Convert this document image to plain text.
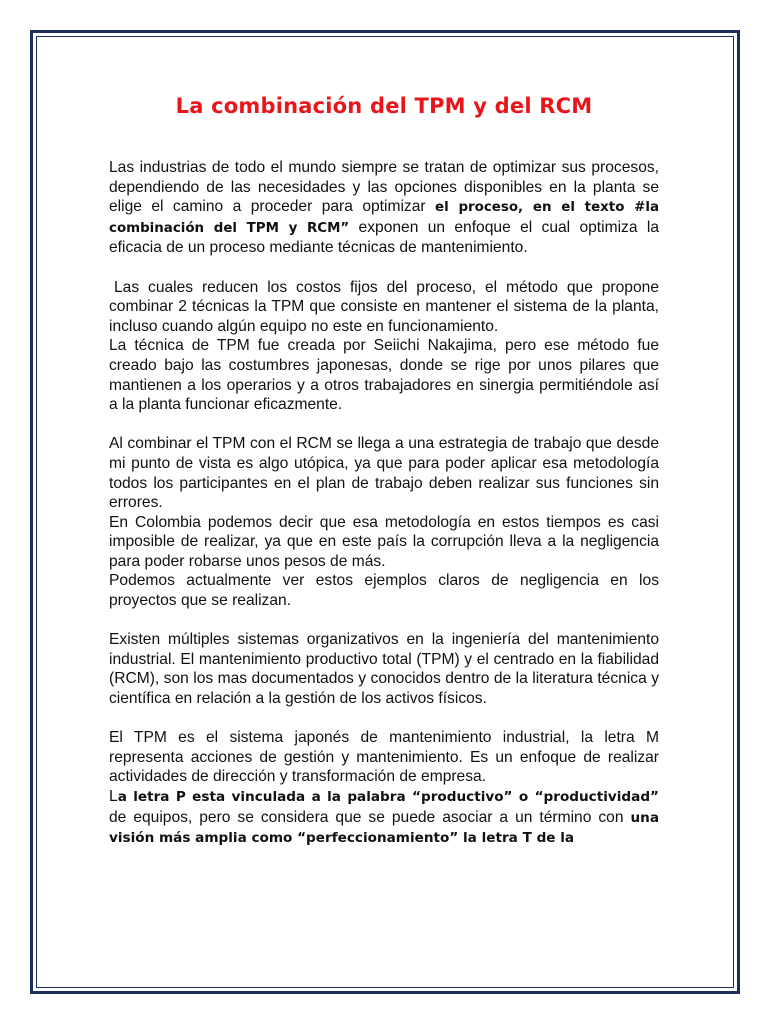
La combinación del TPM y del RCM

Las industrias de todo el mundo siempre se tratan de optimizar sus procesos, dependiendo de las necesidades y las opciones disponibles en la planta se elige el camino a proceder para optimizar el proceso, en el texto #la combinación del TPM y RCM” exponen un enfoque el cual optimiza la eficacia de un proceso mediante técnicas de mantenimiento.

Las cuales reducen los costos fijos del proceso, el método que propone combinar 2 técnicas la TPM que consiste en mantener el sistema de la planta, incluso cuando algún equipo no este en funcionamiento.

La técnica de TPM fue creada por Seiichi Nakajima, pero ese método fue creado bajo las costumbres japonesas, donde se rige por unos pilares que mantienen a los operarios y a otros trabajadores en sinergia permitiéndole así a la planta funcionar eficazmente.

Al combinar el TPM con el RCM se llega a una estrategia de trabajo que desde mi punto de vista es algo utópica, ya que para poder aplicar esa metodología todos los participantes en el plan de trabajo deben realizar sus funciones sin errores.

En Colombia podemos decir que esa metodología en estos tiempos es casi imposible de realizar, ya que en este país la corrupción lleva a la negligencia para poder robarse unos pesos de más.

Podemos actualmente ver estos ejemplos claros de negligencia en los proyectos que se realizan.

Existen múltiples sistemas organizativos en la ingeniería del mantenimiento industrial. El mantenimiento productivo total (TPM) y el centrado en la fiabilidad (RCM), son los mas documentados y conocidos dentro de la literatura técnica y científica en relación a la gestión de los activos físicos.

El TPM es el sistema japonés de mantenimiento industrial, la letra M representa acciones de gestión y mantenimiento. Es un enfoque de realizar actividades de dirección y transformación de empresa.

La letra P esta vinculada a la palabra “productivo” o “productividad” de equipos, pero se considera que se puede asociar a un término con una visión más amplia como “perfeccionamiento” la letra T de la
